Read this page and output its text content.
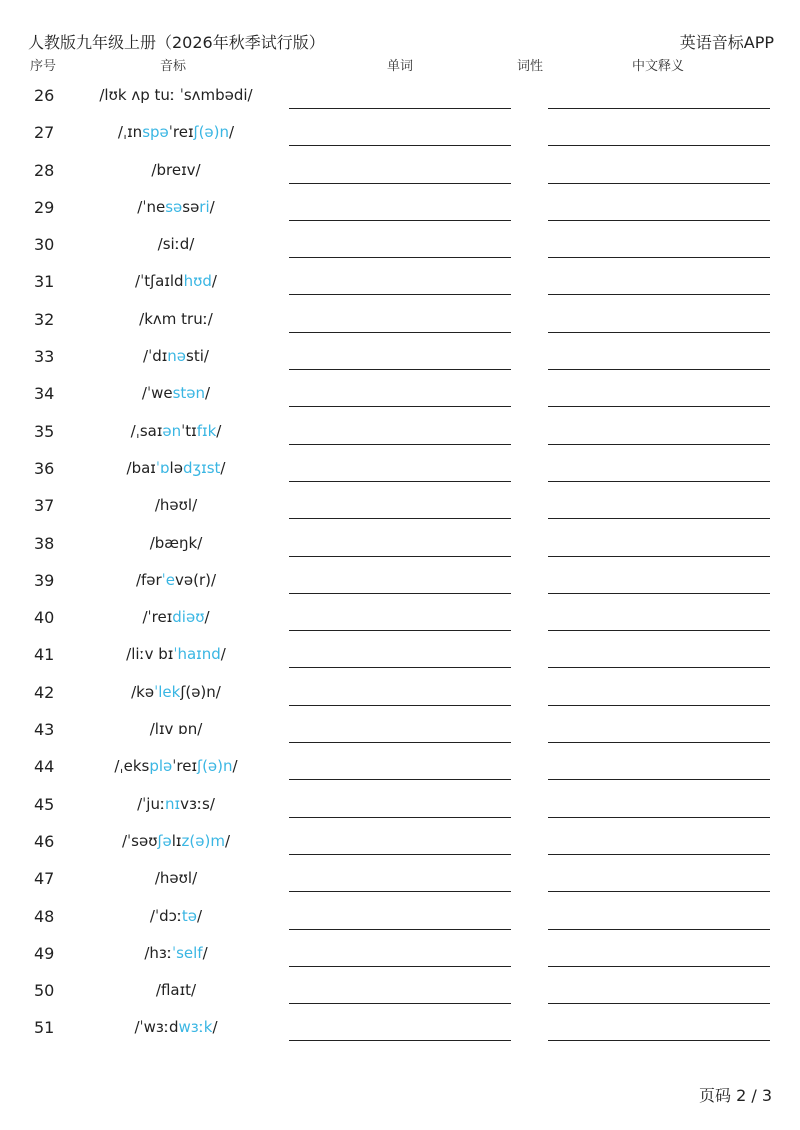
人教版九年级上册（2026年秋季试行版）	英语音标APP
序号	音标	单词	词性	中文释义
26	/lʊk ʌp tuː ˈsʌmbədi/
27	/ˌɪnspəˈreɪʃ(ə)n/
28	/breɪv/
29	/ˈnesəsəri/
30	/siːd/
31	/ˈtʃaɪldhʊd/
32	/kʌm truː/
33	/ˈdɪnəsti/
34	/ˈwestən/
35	/ˌsaɪənˈtɪfɪk/
36	/baɪˈɒlədʒɪst/
37	/həʊl/
38	/bæŋk/
39	/fərˈevə(r)/
40	/ˈreɪdiəʊ/
41	/liːv bɪˈhaɪnd/
42	/kəˈlekʃ(ə)n/
43	/lɪv ɒn/
44	/ˌekspləˈreɪʃ(ə)n/
45	/ˈjuːnɪvɜːs/
46	/ˈsəʊʃəlɪz(ə)m/
47	/həʊl/
48	/ˈdɔːtə/
49	/hɜːˈself/
50	/flaɪt/
51	/ˈwɜːdwɜːk/
页码 2 / 3
